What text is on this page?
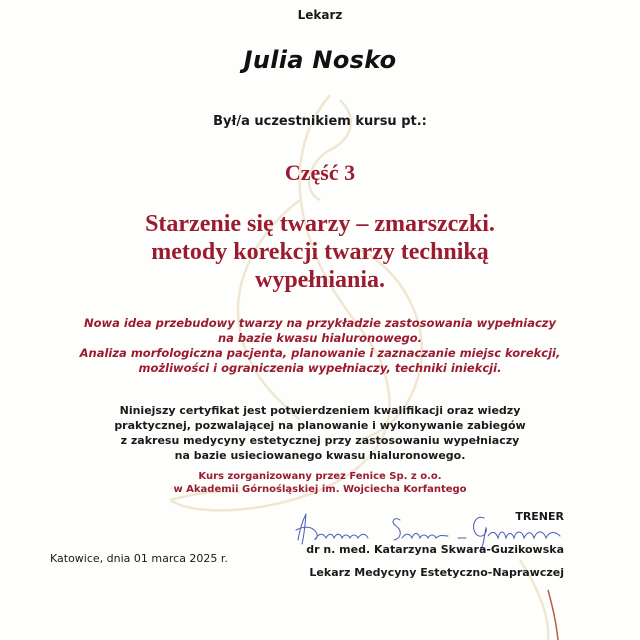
Lekarz
Julia Nosko
Był/a uczestnikiem kursu pt.:
Część 3
Starzenie się twarzy – zmarszczki.
metody korekcji twarzy techniką
wypełniania.
Nowa idea przebudowy twarzy na przykładzie zastosowania wypełniaczy
na bazie kwasu hialuronowego.
Analiza morfologiczna pacjenta, planowanie i zaznaczanie miejsc korekcji,
możliwości i ograniczenia wypełniaczy, techniki iniekcji.
Niniejszy certyfikat jest potwierdzeniem kwalifikacji oraz wiedzy
praktycznej, pozwalającej na planowanie i wykonywanie zabiegów
z zakresu medycyny estetycznej przy zastosowaniu wypełniaczy
na bazie usieciowanego kwasu hialuronowego.
Kurs zorganizowany przez Fenice Sp. z o.o.
w Akademii Górnośląskiej im. Wojciecha Korfantego
Katowice, dnia 01 marca 2025 r.
TRENER
dr n. med. Katarzyna Skwara-Guzikowska
Lekarz Medycyny Estetyczno-Naprawczej
